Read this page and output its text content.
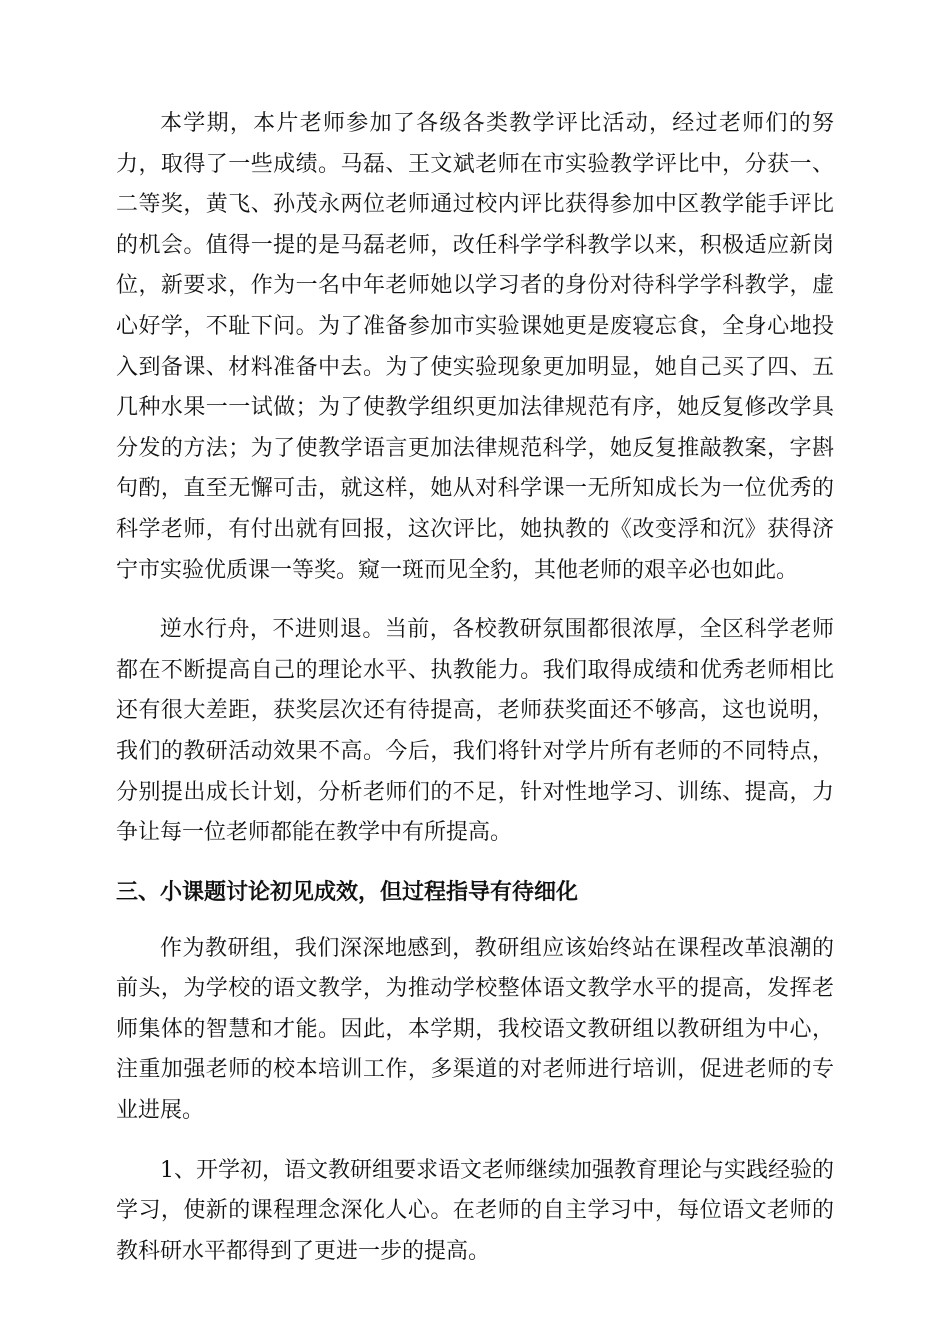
本学期，本片老师参加了各级各类教学评比活动，经过老师们的努力，取得了一些成绩。马磊、王文斌老师在市实验教学评比中，分获一、二等奖，黄飞、孙茂永两位老师通过校内评比获得参加中区教学能手评比的机会。值得一提的是马磊老师，改任科学学科教学以来，积极适应新岗位，新要求，作为一名中年老师她以学习者的身份对待科学学科教学，虚心好学，不耻下问。为了准备参加市实验课她更是废寝忘食，全身心地投入到备课、材料准备中去。为了使实验现象更加明显，她自己买了四、五几种水果一一试做；为了使教学组织更加法律规范有序，她反复修改学具分发的方法；为了使教学语言更加法律规范科学，她反复推敲教案，字斟句酌，直至无懈可击，就这样，她从对科学课一无所知成长为一位优秀的科学老师，有付出就有回报，这次评比，她执教的《改变浮和沉》获得济宁市实验优质课一等奖。窥一斑而见全豹，其他老师的艰辛必也如此。

逆水行舟，不进则退。当前，各校教研氛围都很浓厚，全区科学老师都在不断提高自己的理论水平、执教能力。我们取得成绩和优秀老师相比还有很大差距，获奖层次还有待提高，老师获奖面还不够高，这也说明，我们的教研活动效果不高。今后，我们将针对学片所有老师的不同特点，分别提出成长计划，分析老师们的不足，针对性地学习、训练、提高，力争让每一位老师都能在教学中有所提高。

三、小课题讨论初见成效，但过程指导有待细化

作为教研组，我们深深地感到，教研组应该始终站在课程改革浪潮的前头，为学校的语文教学，为推动学校整体语文教学水平的提高，发挥老师集体的智慧和才能。因此，本学期，我校语文教研组以教研组为中心，注重加强老师的校本培训工作，多渠道的对老师进行培训，促进老师的专业进展。

1、开学初，语文教研组要求语文老师继续加强教育理论与实践经验的学习，使新的课程理念深化人心。在老师的自主学习中，每位语文老师的教科研水平都得到了更进一步的提高。
